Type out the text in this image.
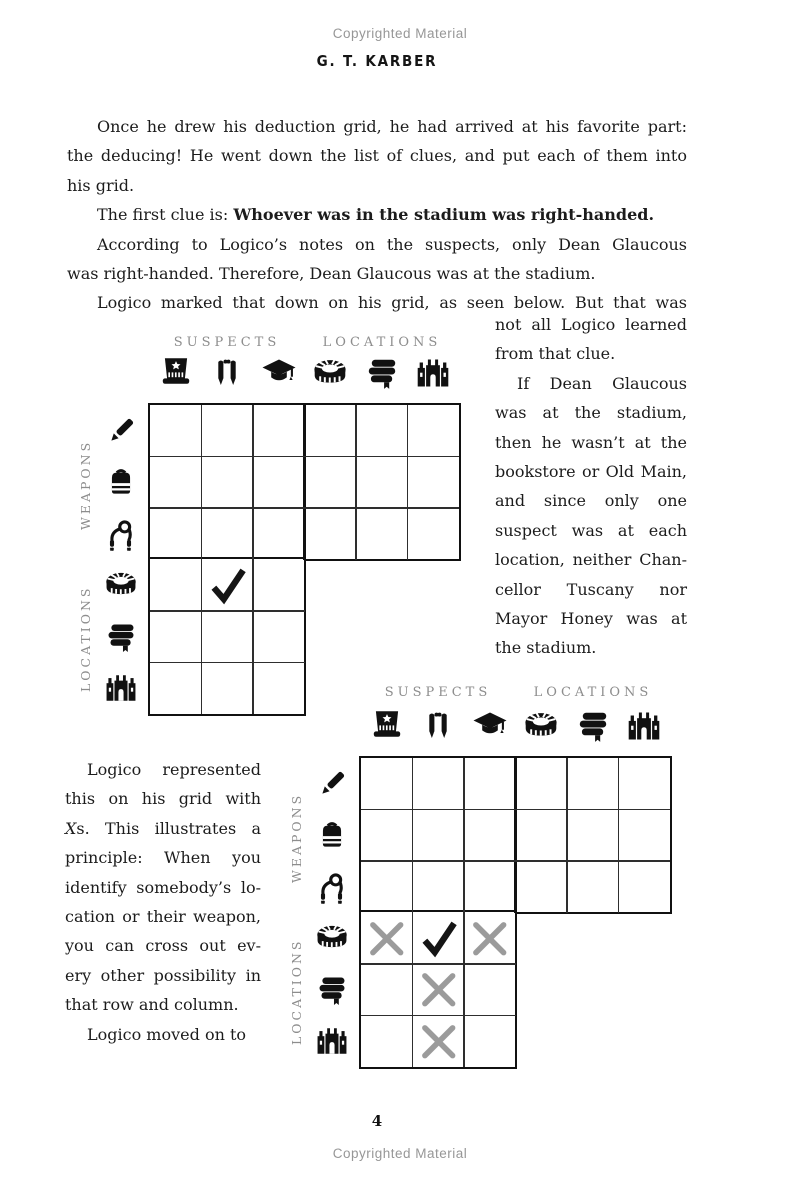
Copyrighted Material
G. T. KARBER
Once he drew his deduction grid, he had arrived at his favorite part:
the deducing! He went down the list of clues, and put each of them into
his grid.
The first clue is: Whoever was in the stadium was right-handed.
According to Logico’s notes on the suspects, only Dean Glaucous
was right-handed. Therefore, Dean Glaucous was at the stadium.
Logico marked that down on his grid, as seen below. But that was
SUSPECTS	LOCATIONS
WEAPONS
LOCATIONS
not all Logico learned
from that clue.
If Dean Glaucous
was at the stadium,
then he wasn’t at the
bookstore or Old Main,
and since only one
suspect was at each
location, neither Chan-
cellor Tuscany nor
Mayor Honey was at
the stadium.
Logico represented
this on his grid with
Xs. This illustrates a
principle: When you
identify somebody’s lo-
cation or their weapon,
you can cross out ev-
ery other possibility in
that row and column.
Logico moved on to
SUSPECTS	LOCATIONS
WEAPONS
LOCATIONS
4
Copyrighted Material
